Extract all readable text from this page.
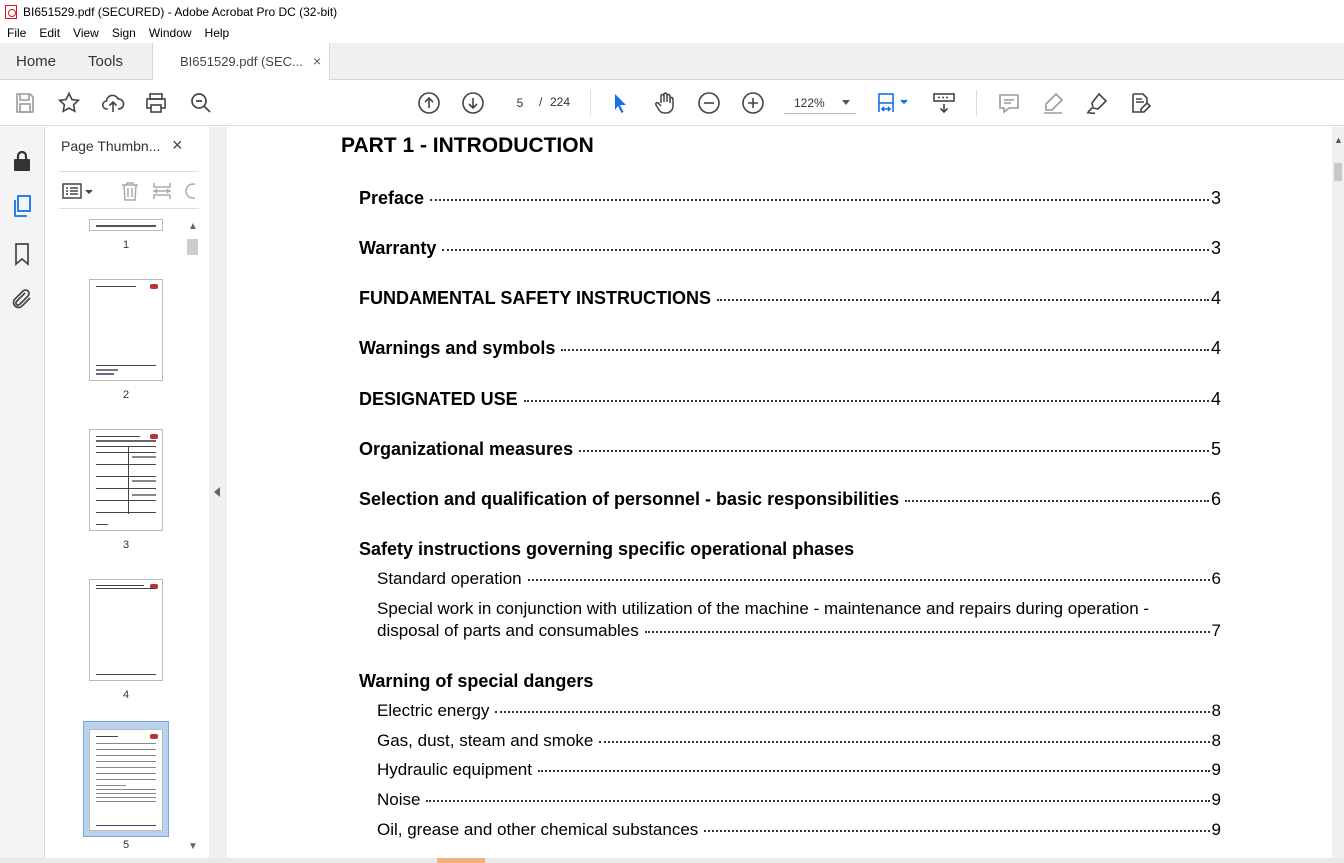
BI651529.pdf (SECURED) - Adobe Acrobat Pro DC (32-bit)
File	Edit	View	Sign	Window	Help
Home Tools	BI651529.pdf (SEC... ×
5
/ 224	122%
Page Thumbn... ×
1
2
3
4
5
▲
▼
PART 1 - INTRODUCTION
Preface	3
Warranty	3
FUNDAMENTAL SAFETY INSTRUCTIONS	4
Warnings and symbols	4
DESIGNATED USE	4
Organizational measures	5
Selection and qualification of personnel - basic responsibilities	6
Safety instructions governing specific operational phases
Standard operation	6
Special work in conjunction with utilization of the machine - maintenance and repairs during operation -
disposal of parts and consumables	7
Warning of special dangers
Electric energy	8
Gas, dust, steam and smoke	8
Hydraulic equipment	9
Noise	9
Oil, grease and other chemical substances	9
▲
